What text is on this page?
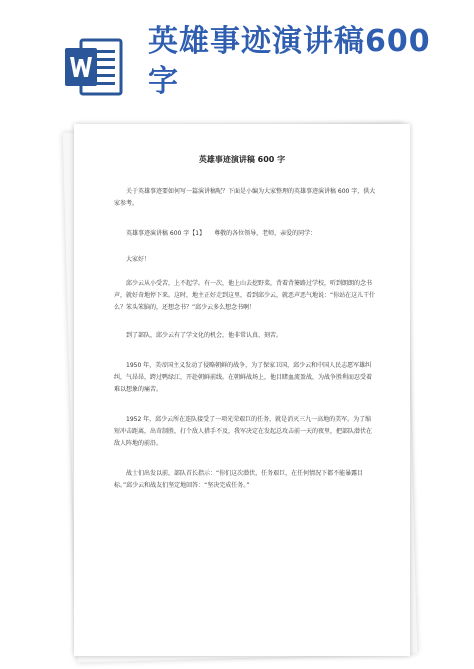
英雄事迹演讲稿600字
英雄事迹演讲稿 600 字
关于英雄事迹要如何写一篇演讲稿呢？下面是小编为大家整理的英雄事迹演讲稿 600 字，供大家参考。
英雄事迹演讲稿 600 字【1】　　尊敬的各位领导，老师，亲爱的同学：
大家好！
邱少云从小受苦，上不起学。有一次，他上山去挖野菜，背着背篓路过学校，听到朗朗的念书声，就好奇地停下来。这时，地主正好走到这里，看到邱少云，就恶声恶气地说：“你站在这儿干什么？笨头笨脑的，还想念书？”邱少云多么想念书啊！
到了部队，邱少云有了学文化的机会，他非常认真、刻苦。
1950 年，美帝国主义发动了侵略朝鲜的战争，为了保家卫国，邱少云和中国人民志愿军雄纠纠，气昂昂，跨过鸭绿江，开赴朝鲜前线。在朝鲜战场上，他目睹血流盈战，为战争胜利而忍受着难以想象的痛苦。
1952 年，邱少云所在连队接受了一项光荣艰巨的任务，就是消灭三九一高地的美军。为了缩短冲击距离，出奇制胜，打个敌人措手不及，我军决定在发起总攻击前一天的夜里，把部队潜伏在敌人阵地的前沿。
战士们出发以前，部队首长指示：“你们这次潜伏，任务艰巨，在任何情况下都不能暴露目标。”邱少云和战友们坚定地回答：“坚决完成任务。”
